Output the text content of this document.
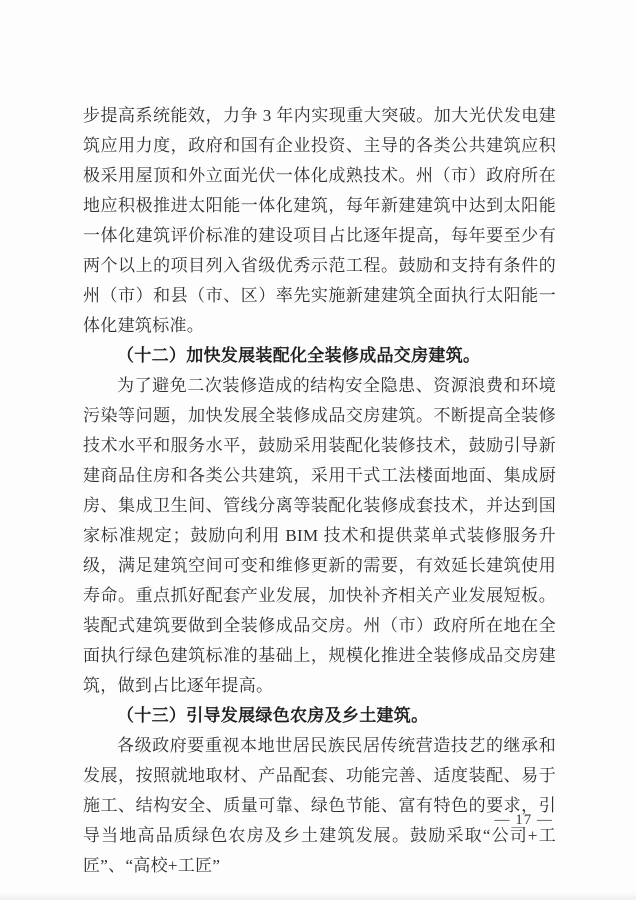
步提高系统能效，力争 3 年内实现重大突破。加大光伏发电建筑应用力度，政府和国有企业投资、主导的各类公共建筑应积极采用屋顶和外立面光伏一体化成熟技术。州（市）政府所在地应积极推进太阳能一体化建筑，每年新建建筑中达到太阳能一体化建筑评价标准的建设项目占比逐年提高，每年要至少有两个以上的项目列入省级优秀示范工程。鼓励和支持有条件的州（市）和县（市、区）率先实施新建建筑全面执行太阳能一体化建筑标准。

（十二）加快发展装配化全装修成品交房建筑。

为了避免二次装修造成的结构安全隐患、资源浪费和环境污染等问题，加快发展全装修成品交房建筑。不断提高全装修技术水平和服务水平，鼓励采用装配化装修技术，鼓励引导新建商品住房和各类公共建筑，采用干式工法楼面地面、集成厨房、集成卫生间、管线分离等装配化装修成套技术，并达到国家标准规定；鼓励向利用 BIM 技术和提供菜单式装修服务升级，满足建筑空间可变和维修更新的需要，有效延长建筑使用寿命。重点抓好配套产业发展，加快补齐相关产业发展短板。装配式建筑要做到全装修成品交房。州（市）政府所在地在全面执行绿色建筑标准的基础上，规模化推进全装修成品交房建筑，做到占比逐年提高。

（十三）引导发展绿色农房及乡土建筑。

各级政府要重视本地世居民族民居传统营造技艺的继承和发展，按照就地取材、产品配套、功能完善、适度装配、易于施工、结构安全、质量可靠、绿色节能、富有特色的要求，引导当地高品质绿色农房及乡土建筑发展。鼓励采取“公司+工匠”、“高校+工匠”

— 17 —
